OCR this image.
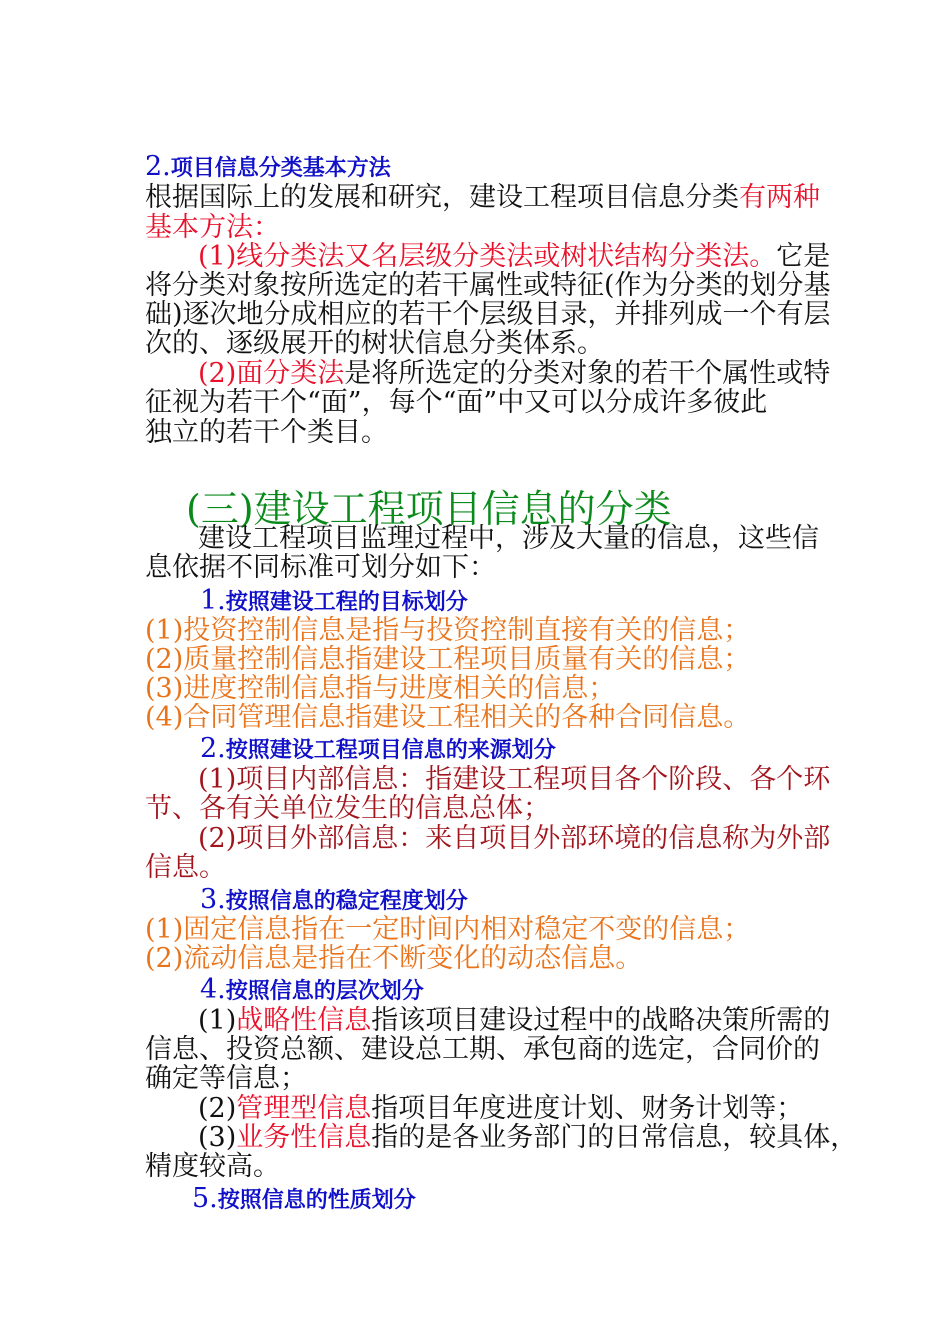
2.项目信息分类基本方法
根据国际上的发展和研究，建设工程项目信息分类有两种
基本方法：
(1)线分类法又名层级分类法或树状结构分类法。它是
将分类对象按所选定的若干属性或特征(作为分类的划分基
础)逐次地分成相应的若干个层级目录，并排列成一个有层
次的、逐级展开的树状信息分类体系。
(2)面分类法是将所选定的分类对象的若干个属性或特
征视为若干个“面”，每个“面”中又可以分成许多彼此
独立的若干个类目。
(三)建设工程项目信息的分类
建设工程项目监理过程中，涉及大量的信息，这些信
息依据不同标准可划分如下：
1.按照建设工程的目标划分
(1)投资控制信息是指与投资控制直接有关的信息；
(2)质量控制信息指建设工程项目质量有关的信息；
(3)进度控制信息指与进度相关的信息；
(4)合同管理信息指建设工程相关的各种合同信息。
2.按照建设工程项目信息的来源划分
(1)项目内部信息：指建设工程项目各个阶段、各个环
节、各有关单位发生的信息总体；
(2)项目外部信息：来自项目外部环境的信息称为外部
信息。
3.按照信息的稳定程度划分
(1)固定信息指在一定时间内相对稳定不变的信息；
(2)流动信息是指在不断变化的动态信息。
4.按照信息的层次划分
(1)战略性信息指该项目建设过程中的战略决策所需的
信息、投资总额、建设总工期、承包商的选定，合同价的
确定等信息；
(2)管理型信息指项目年度进度计划、财务计划等；
(3)业务性信息指的是各业务部门的日常信息，较具体，
精度较高。
5.按照信息的性质划分
